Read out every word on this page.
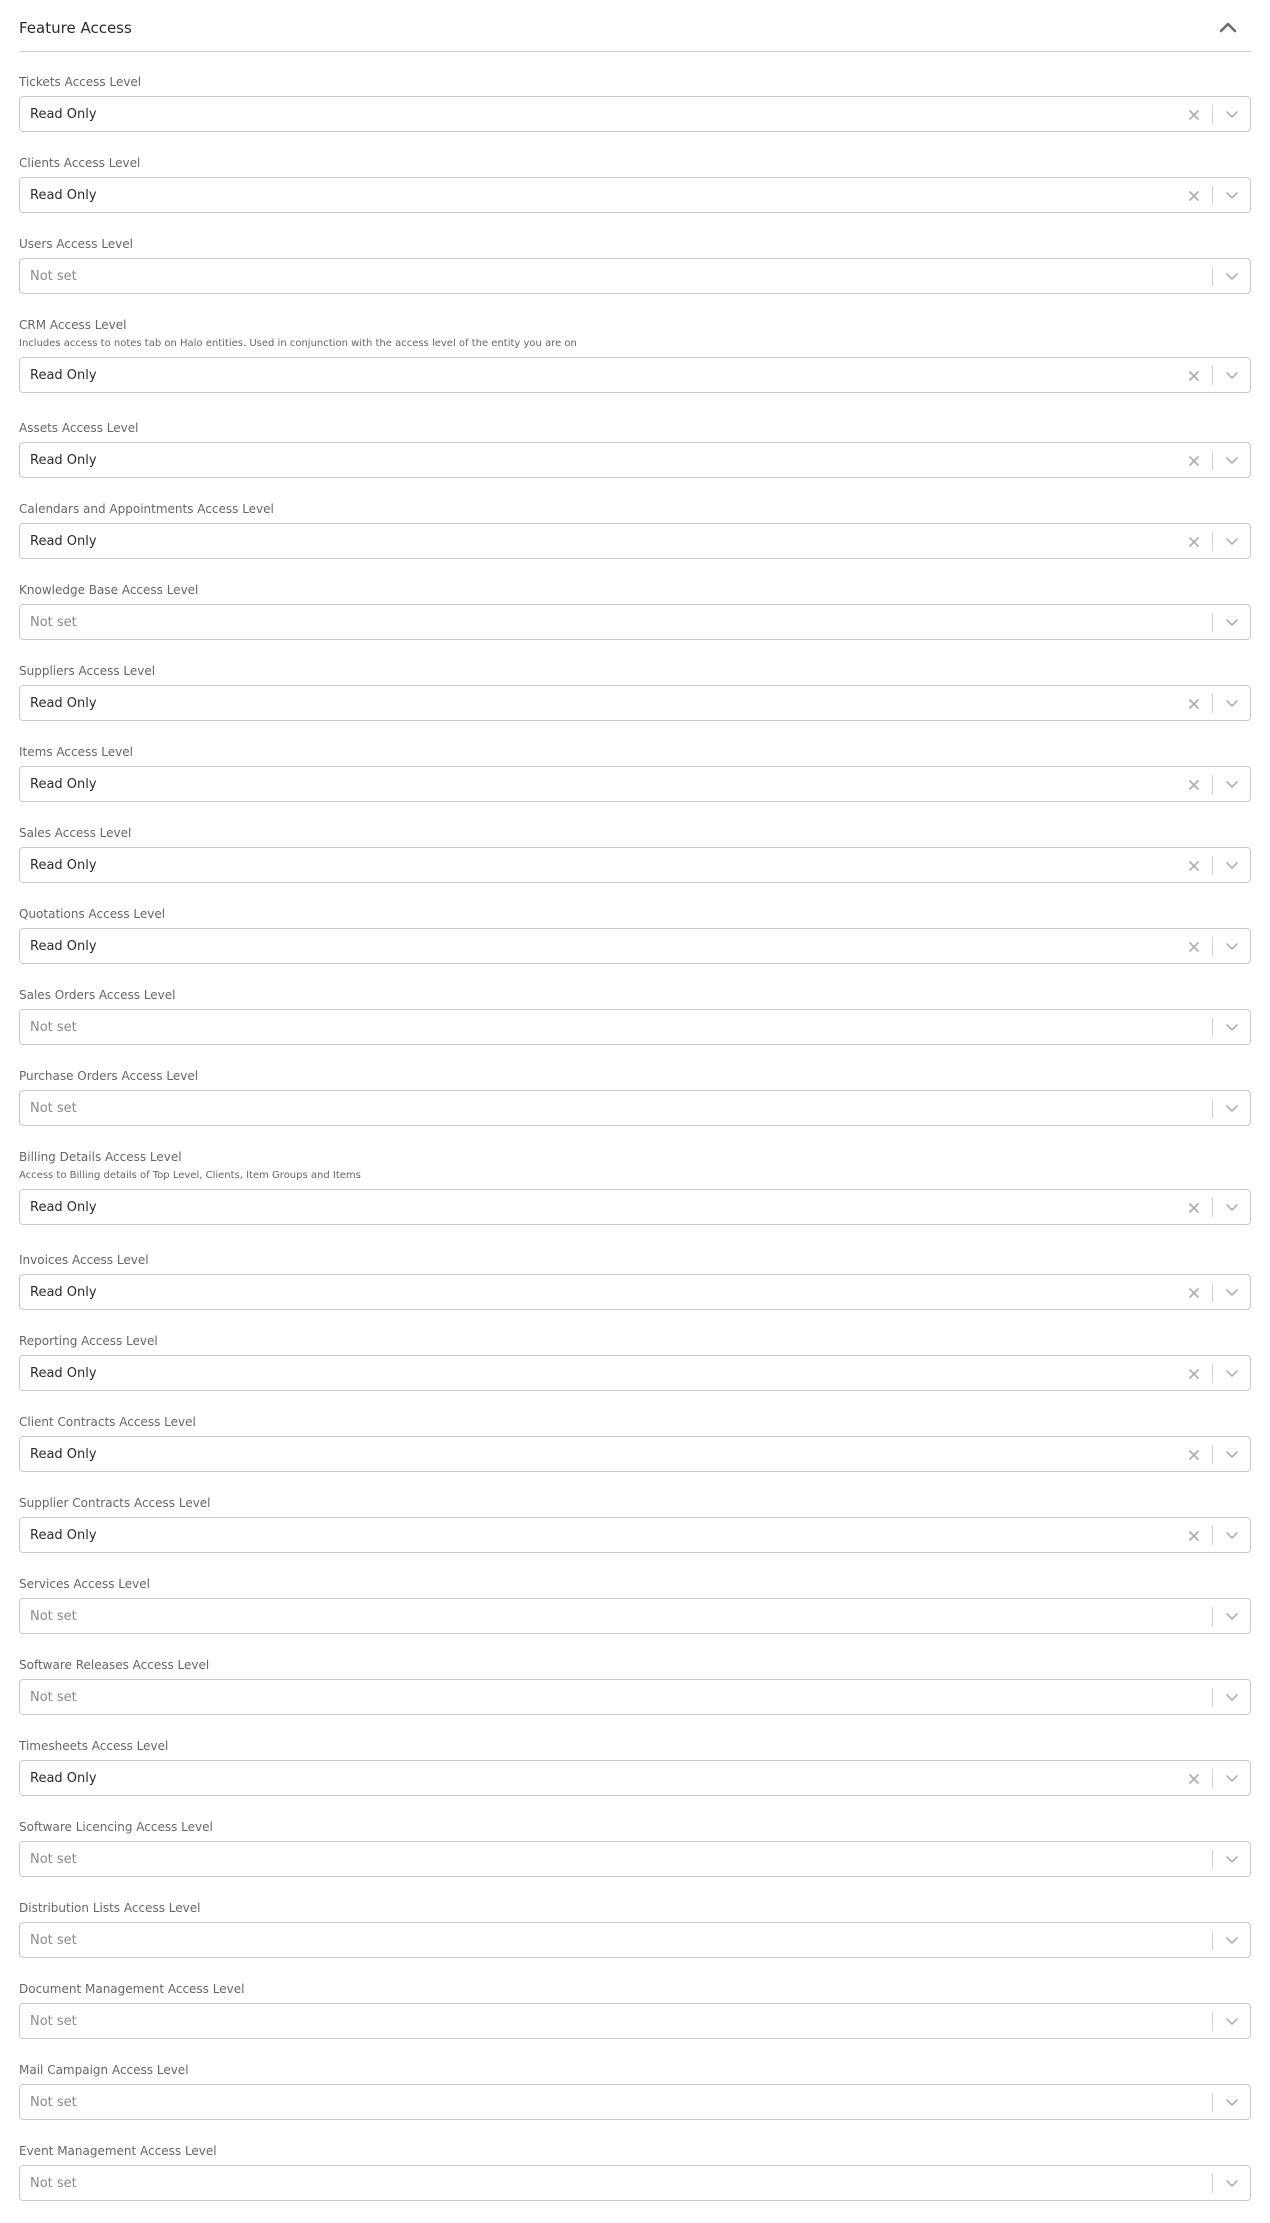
Feature Access
Tickets Access Level
Read Only
Clients Access Level
Read Only
Users Access Level
Not set
CRM Access Level
Includes access to notes tab on Halo entities. Used in conjunction with the access level of the entity you are on
Read Only
Assets Access Level
Read Only
Calendars and Appointments Access Level
Read Only
Knowledge Base Access Level
Not set
Suppliers Access Level
Read Only
Items Access Level
Read Only
Sales Access Level
Read Only
Quotations Access Level
Read Only
Sales Orders Access Level
Not set
Purchase Orders Access Level
Not set
Billing Details Access Level
Access to Billing details of Top Level, Clients, Item Groups and Items
Read Only
Invoices Access Level
Read Only
Reporting Access Level
Read Only
Client Contracts Access Level
Read Only
Supplier Contracts Access Level
Read Only
Services Access Level
Not set
Software Releases Access Level
Not set
Timesheets Access Level
Read Only
Software Licencing Access Level
Not set
Distribution Lists Access Level
Not set
Document Management Access Level
Not set
Mail Campaign Access Level
Not set
Event Management Access Level
Not set
